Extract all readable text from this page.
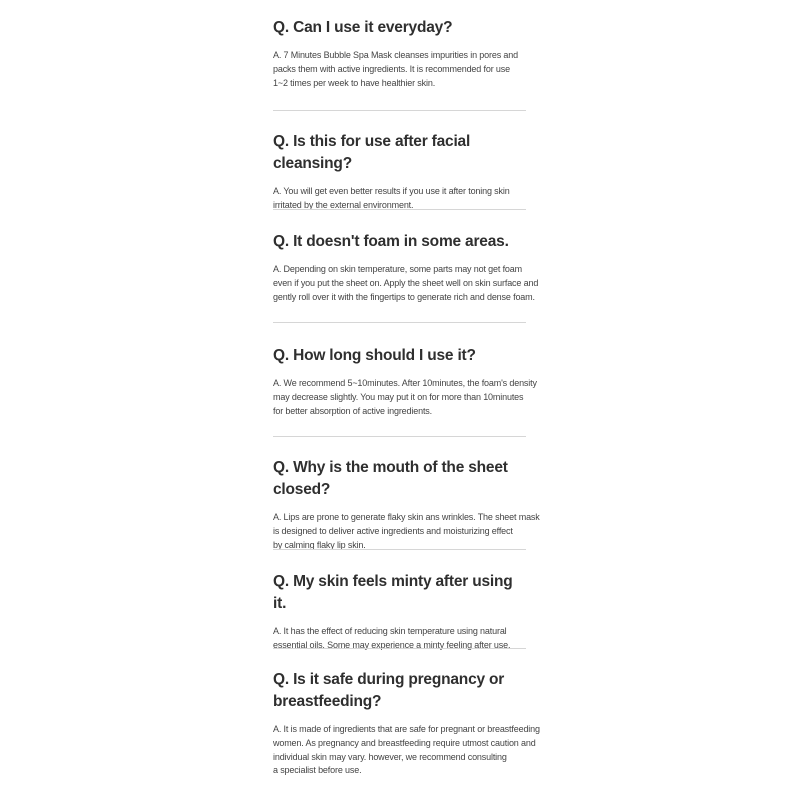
Q. Can I use it everyday?

A. 7 Minutes Bubble Spa Mask cleanses impurities in pores and
packs them with active ingredients. It is recommended for use
1~2 times per week to have healthier skin.

Q. Is this for use after facial cleansing?

A. You will get even better results if you use it after toning skin
irritated by the external environment.

Q. It doesn't foam in some areas.

A. Depending on skin temperature, some parts may not get foam
even if you put the sheet on. Apply the sheet well on skin surface and
gently roll over it with the fingertips to generate rich and dense foam.

Q. How long should I use it?

A. We recommend 5~10minutes. After 10minutes, the foam's density
may decrease slightly. You may put it on for more than 10minutes
for better absorption of active ingredients.

Q. Why is the mouth of the sheet closed?

A. Lips are prone to generate flaky skin ans wrinkles. The sheet mask
is designed to deliver active ingredients and moisturizing effect
by calming flaky lip skin.

Q. My skin feels minty after using it.

A. It has the effect of reducing skin temperature using natural
essential oils. Some may experience a minty feeling after use.

Q. Is it safe during pregnancy or
breastfeeding?

A. It is made of ingredients that are safe for pregnant or breastfeeding
women. As pregnancy and breastfeeding require utmost caution and
individual skin may vary. however, we recommend consulting
a specialist before use.
